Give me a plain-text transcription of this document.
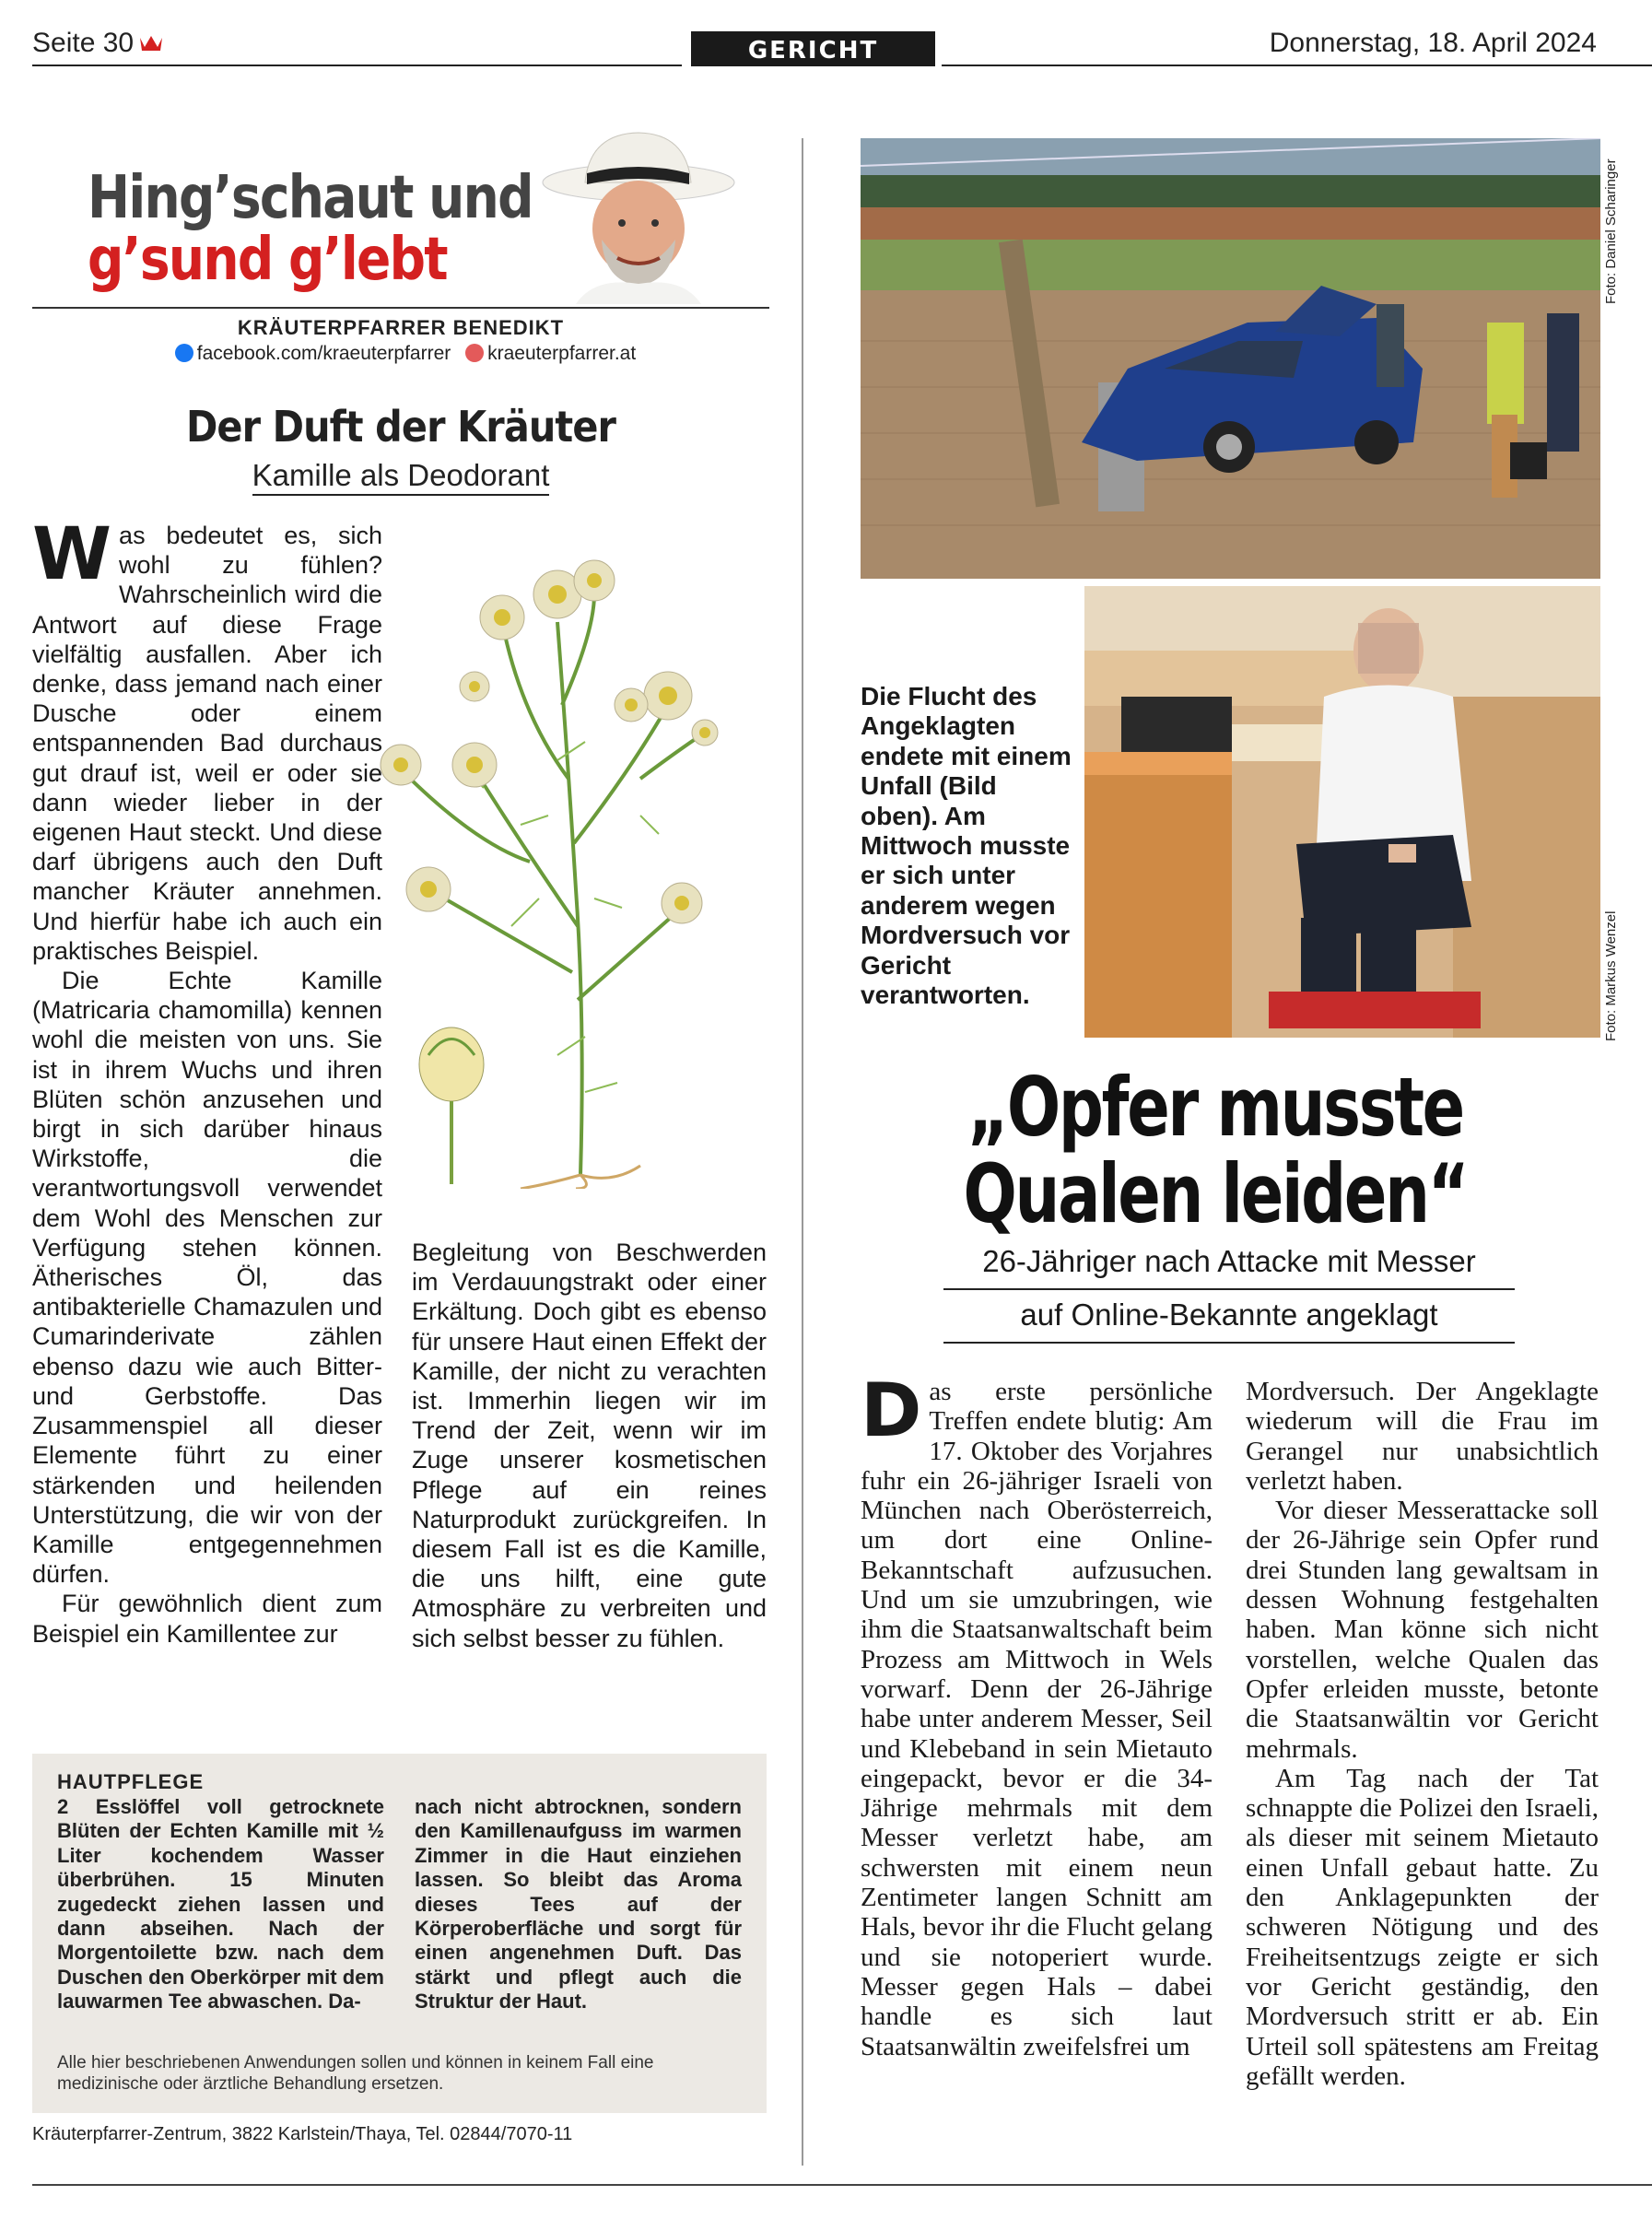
Seite 30	GERICHT	Donnerstag, 18. April 2024
Hing’schaut und
g’sund g’lebt
KRÄUTERPFARRER BENEDIKT
facebook.com/kraeuterpfarrer kraeuterpfarrer.at
Der Duft der Kräuter
Kamille als Deodorant

Was bedeutet es, sich wohl zu fühlen? Wahrscheinlich wird die Antwort auf diese Frage vielfältig ausfallen. Aber ich denke, dass jemand nach einer Dusche oder einem entspannenden Bad durchaus gut drauf ist, weil er oder sie dann wieder lieber in der eigenen Haut steckt. Und diese darf übrigens auch den Duft mancher Kräuter annehmen. Und hierfür habe ich auch ein praktisches Beispiel.

Die Echte Kamille (Matricaria chamomilla) kennen wohl die meisten von uns. Sie ist in ihrem Wuchs und ihren Blüten schön anzusehen und birgt in sich darüber hinaus Wirkstoffe, die verantwortungsvoll verwendet dem Wohl des Menschen zur Verfügung stehen können. Ätherisches Öl, das antibakterielle Chamazulen und Cumarinderivate zählen ebenso dazu wie auch Bitter- und Gerbstoffe. Das Zusammenspiel all dieser Elemente führt zu einer stärkenden und heilenden Unterstützung, die wir von der Kamille entgegennehmen dürfen.

Für gewöhnlich dient zum Beispiel ein Kamillentee zur

Begleitung von Beschwerden im Verdauungstrakt oder einer Erkältung. Doch gibt es ebenso für unsere Haut einen Effekt der Kamille, der nicht zu verachten ist. Immerhin liegen wir im Trend der Zeit, wenn wir im Zuge unserer kosmetischen Pflege auf ein reines Naturprodukt zurückgreifen. In diesem Fall ist es die Kamille, die uns hilft, eine gute Atmosphäre zu verbreiten und sich selbst besser zu fühlen.

HAUTPFLEGE
2 Esslöffel voll getrocknete Blüten der Echten Kamille mit ½ Liter kochendem Wasser überbrühen. 15 Minuten zugedeckt ziehen lassen und dann abseihen. Nach der Morgentoilette bzw. nach dem Duschen den Oberkörper mit dem lauwarmen Tee abwaschen. Da-
nach nicht abtrocknen, sondern den Kamillenaufguss im warmen Zimmer in die Haut einziehen lassen. So bleibt das Aroma dieses Tees auf der Körperoberfläche und sorgt für einen angenehmen Duft. Das stärkt und pflegt auch die Struktur der Haut.
Alle hier beschriebenen Anwendungen sollen und können in keinem Fall eine medizinische oder ärztliche Behandlung ersetzen.
Kräuterpfarrer-Zentrum, 3822 Karlstein/Thaya, Tel. 02844/7070-11
Foto: Daniel Scharinger
Foto: Markus Wenzel
Die Flucht des Angeklagten endete mit einem Unfall (Bild oben). Am Mittwoch musste er sich unter anderem wegen Mordversuch vor Gericht verantworten.
„Opfer musste
Qualen leiden“
26-Jähriger nach Attacke mit Messer
auf Online-Bekannte angeklagt
Das erste persönliche Treffen endete blutig: Am 17. Oktober des Vorjahres fuhr ein 26-jähriger Israeli von München nach Oberösterreich, um dort eine Online-Bekanntschaft aufzusuchen. Und um sie umzubringen, wie ihm die Staatsanwaltschaft beim Prozess am Mittwoch in Wels vorwarf. Denn der 26-Jährige habe unter anderem Messer, Seil und Klebeband in sein Mietauto eingepackt, bevor er die 34-Jährige mehrmals mit dem Messer verletzt habe, am schwersten mit einem neun Zentimeter langen Schnitt am Hals, bevor ihr die Flucht gelang und sie notoperiert wurde. Messer gegen Hals – dabei handle es sich laut Staatsanwältin zweifelsfrei um
Mordversuch. Der Angeklagte wiederum will die Frau im Gerangel nur unabsichtlich verletzt haben.
Vor dieser Messerattacke soll der 26-Jährige sein Opfer rund drei Stunden lang gewaltsam in dessen Wohnung festgehalten haben. Man könne sich nicht vorstellen, welche Qualen das Opfer erleiden musste, betonte die Staatsanwältin vor Gericht mehrmals.
Am Tag nach der Tat schnappte die Polizei den Israeli, als dieser mit seinem Mietauto einen Unfall gebaut hatte. Zu den Anklagepunkten der schweren Nötigung und des Freiheitsentzugs zeigte er sich vor Gericht geständig, den Mordversuch stritt er ab. Ein Urteil soll spätestens am Freitag gefällt werden.
